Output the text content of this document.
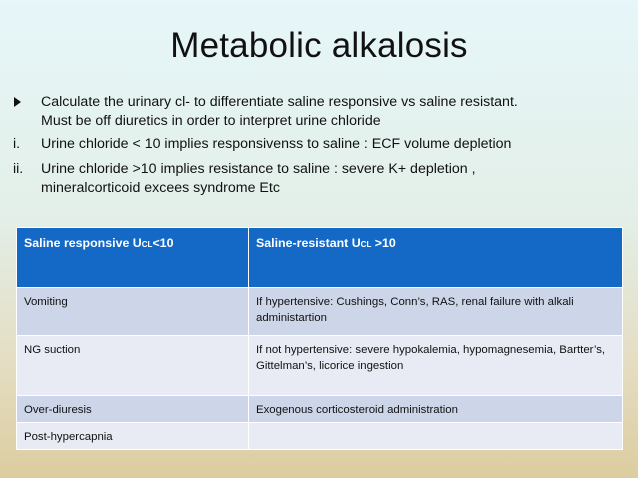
Metabolic alkalosis
Calculate the urinary cl- to differentiate saline responsive vs saline resistant.
Must be off diuretics in order to interpret urine chloride
i. Urine chloride < 10 implies responsivenss to saline : ECF volume depletion
ii. Urine chloride >10 implies resistance to saline : severe K+ depletion ,
mineralcorticoid excees syndrome Etc
Saline responsive UCL<10	Saline-resistant UCL >10
Vomiting	If hypertensive: Cushings, Conn’s, RAS, renal failure with alkali administartion
NG suction	If not hypertensive: severe hypokalemia, hypomagnesemia, Bartter’s, Gittelman’s, licorice ingestion
Over-diuresis	Exogenous corticosteroid administration
Post-hypercapnia	
